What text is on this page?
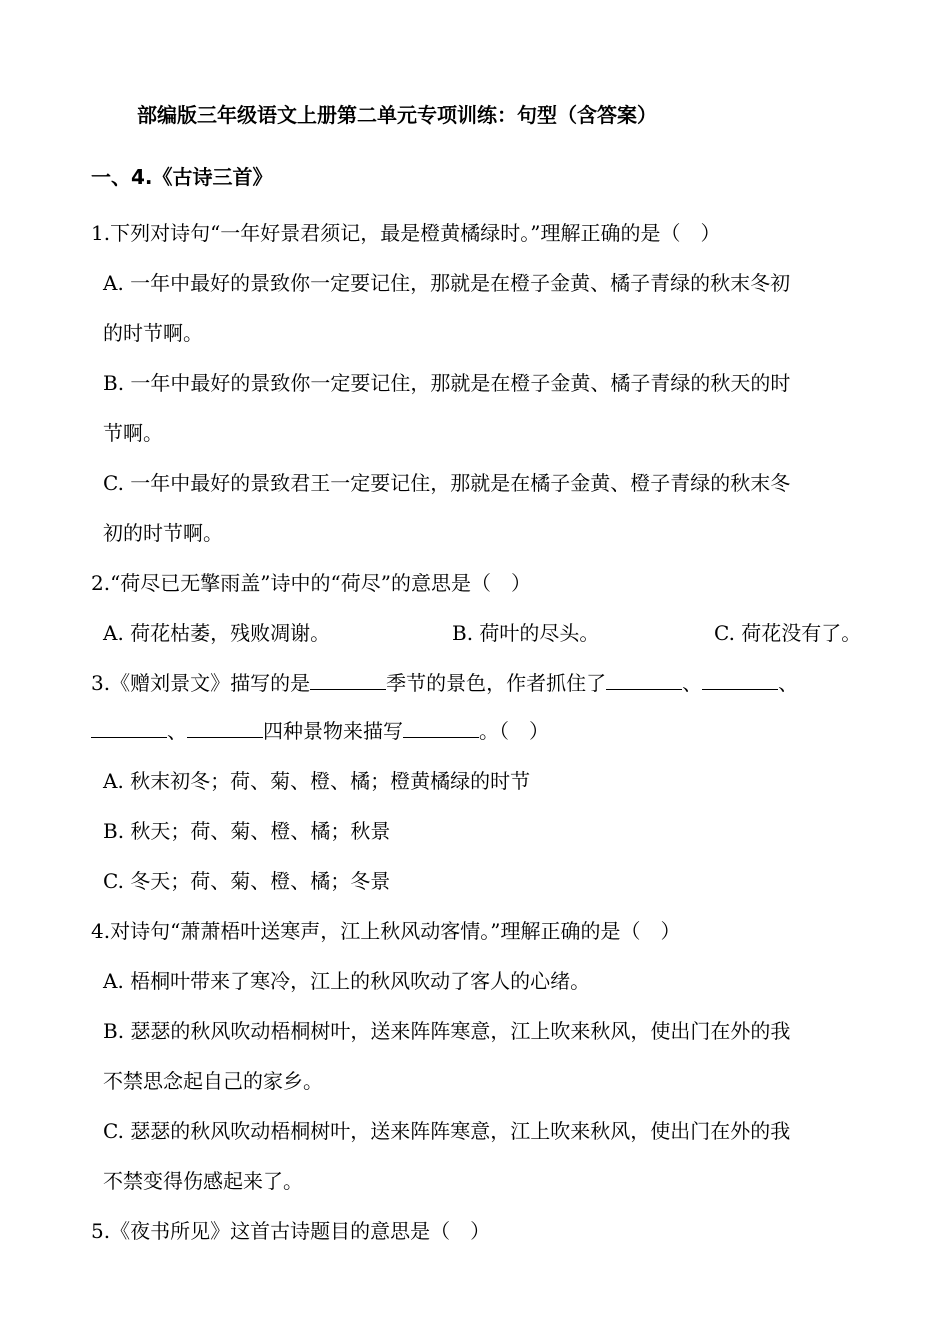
部编版三年级语文上册第二单元专项训练：句型（含答案）
一、4.《古诗三首》
1.下列对诗句“一年好景君须记，最是橙黄橘绿时。”理解正确的是（　）
A. 一年中最好的景致你一定要记住，那就是在橙子金黄、橘子青绿的秋末冬初
的时节啊。
B. 一年中最好的景致你一定要记住，那就是在橙子金黄、橘子青绿的秋天的时
节啊。
C. 一年中最好的景致君王一定要记住，那就是在橘子金黄、橙子青绿的秋末冬
初的时节啊。
2.“荷尽已无擎雨盖”诗中的“荷尽”的意思是（　）
A. 荷花枯萎，残败凋谢。	B. 荷叶的尽头。	C. 荷花没有了。
3.《赠刘景文》描写的是	季节的景色，作者抓住了	、	、
、	四种景物来描写	。（　）
A. 秋末初冬；荷、菊、橙、橘；橙黄橘绿的时节
B. 秋天；荷、菊、橙、橘；秋景
C. 冬天；荷、菊、橙、橘；冬景
4.对诗句“萧萧梧叶送寒声，江上秋风动客情。”理解正确的是（　）
A. 梧桐叶带来了寒冷，江上的秋风吹动了客人的心绪。
B. 瑟瑟的秋风吹动梧桐树叶，送来阵阵寒意，江上吹来秋风，使出门在外的我
不禁思念起自己的家乡。
C. 瑟瑟的秋风吹动梧桐树叶，送来阵阵寒意，江上吹来秋风，使出门在外的我
不禁变得伤感起来了。
5.《夜书所见》这首古诗题目的意思是（　）
